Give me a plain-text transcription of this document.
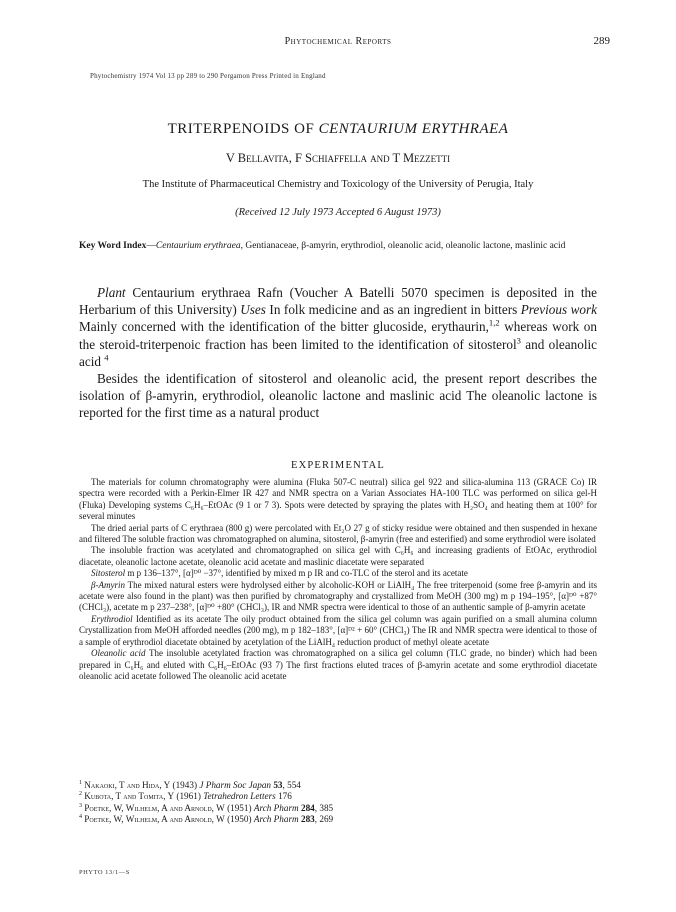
Phytochemical Reports	289
Phytochemistry 1974 Vol 13 pp 289 to 290 Pergamon Press Printed in England
TRITERPENOIDS OF CENTAURIUM ERYTHRAEA
V Bellavita, F Schiaffella and T Mezzetti
The Institute of Pharmaceutical Chemistry and Toxicology of the University of Perugia, Italy
(Received 12 July 1973 Accepted 6 August 1973)
Key Word Index—Centaurium erythraea, Gentianaceae, β-amyrin, erythrodiol, oleanolic acid, oleanolic lactone, maslinic acid

Plant Centaurium erythraea Rafn (Voucher A Batelli 5070 specimen is deposited in the Herbarium of this University) Uses In folk medicine and as an ingredient in bitters Previous work Mainly concerned with the identification of the bitter glucoside, erythaurin,$^{1,2}$ whereas work on the steroid-triterpenoic fraction has been limited to the identification of sitosterol$^3$ and oleanolic acid $^4$

Besides the identification of sitosterol and oleanolic acid, the present report describes the isolation of β-amyrin, erythrodiol, oleanolic lactone and maslinic acid The oleanolic lactone is reported for the first time as a natural product

EXPERIMENTAL

The materials for column chromatography were alumina (Fluka 507-C neutral) silica gel 922 and silica-alumina 113 (GRACE Co) IR spectra were recorded with a Perkin-Elmer IR 427 and NMR spectra on a Varian Associates HA-100 TLC was performed on silica gel-H (Fluka) Developing systems C₆H₆–EtOAc (9 1 or 7 3). Spots were detected by spraying the plates with H₂SO₄ and heating them at 100° for several minutes

The dried aerial parts of C erythraea (800 g) were percolated with Et₂O 27 g of sticky residue were obtained and then suspended in hexane and filtered The soluble fraction was chromatographed on alumina, sitosterol, β-amyrin (free and esterified) and some erythrodiol were isolated

The insoluble fraction was acetylated and chromatographed on silica gel with C₆H₆ and increasing gradients of EtOAc, erythrodiol diacetate, oleanolic lactone acetate, oleanolic acid acetate and maslinic diacetate were separated

Sitosterol m p 136–137°, [α]ᴰ⁰ −37°, identified by mixed m p IR and co-TLC of the sterol and its acetate

β-Amyrin The mixed natural esters were hydrolysed either by alcoholic-KOH or LiAlH₄ The free triterpenoid (some free β-amyrin and its acetate were also found in the plant) was then purified by chromatography and crystallized from MeOH (300 mg) m p 194–195°, [α]ᴰ⁰ +87° (CHCl₃), acetate m p 237–238°, [α]ᴰ⁰ +80° (CHCl₃), IR and NMR spectra were identical to those of an authentic sample of β-amyrin acetate

Erythrodiol Identified as its acetate The oily product obtained from the silica gel column was again purified on a small alumina column Crystallization from MeOH afforded needles (200 mg), m p 182–183°, [α]ᴰ² + 60° (CHCl₃) The IR and NMR spectra were identical to those of a sample of erythrodiol diacetate obtained by acetylation of the LiAlH₄ reduction product of methyl oleate acetate

Oleanolic acid The insoluble acetylated fraction was chromatographed on a silica gel column (TLC grade, no binder) which had been prepared in C₆H₆ and eluted with C₆H₆–EtOAc (93 7) The first fractions eluted traces of β-amyrin acetate and some erythrodiol diacetate oleanolic acid acetate followed The oleanolic acid acetate

$^1$ Nakaoki, T and Hida, Y (1943) J Pharm Soc Japan 53, 554
$^2$ Kubota, T and Tomita, Y (1961) Tetrahedron Letters 176
$^3$ Poetke, W, Wilhelm, A and Arnold, W (1951) Arch Pharm 284, 385
$^4$ Poetke, W, Wilhelm, A and Arnold, W (1950) Arch Pharm 283, 269
PHYTO 13/1—S
